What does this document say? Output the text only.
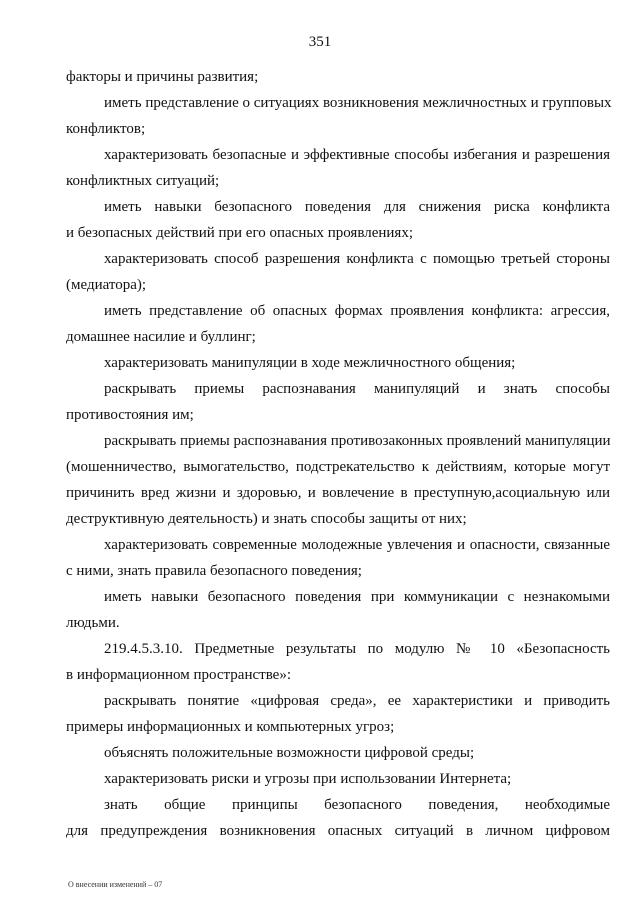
351
факторы и причины развития;
иметь представление о ситуациях возникновения межличностных и групповых
конфликтов;
характеризовать безопасные и эффективные способы избегания и разрешения
конфликтных ситуаций;
иметь навыки безопасного поведения для снижения риска конфликта
и безопасных действий при его опасных проявлениях;
характеризовать способ разрешения конфликта с помощью третьей стороны
(медиатора);
иметь представление об опасных формах проявления конфликта: агрессия,
домашнее насилие и буллинг;
характеризовать манипуляции в ходе межличностного общения;
раскрывать приемы распознавания манипуляций и знать способы
противостояния им;
раскрывать приемы распознавания противозаконных проявлений манипуляции
(мошенничество, вымогательство, подстрекательство к действиям, которые могут
причинить вред жизни и здоровью, и вовлечение в преступную,асоциальную или
деструктивную деятельность) и знать способы защиты от них;
характеризовать современные молодежные увлечения и опасности, связанные
с ними, знать правила безопасного поведения;
иметь навыки безопасного поведения при коммуникации с незнакомыми
людьми.
219.4.5.3.10. Предметные результаты по модулю № 10 «Безопасность
в информационном пространстве»:
раскрывать понятие «цифровая среда», ее характеристики и приводить
примеры информационных и компьютерных угроз;
объяснять положительные возможности цифровой среды;
характеризовать риски и угрозы при использовании Интернета;
знать общие принципы безопасного поведения, необходимые
для предупреждения возникновения опасных ситуаций в личном цифровом
О внесении изменений – 07
